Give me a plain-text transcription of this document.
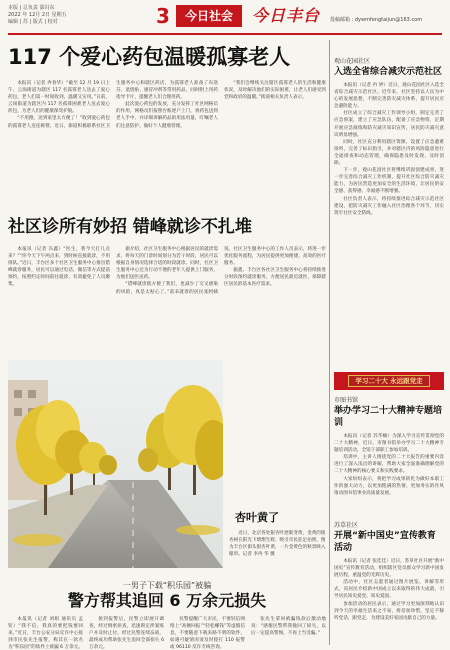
本版 | 总负责 邵冯东
2022 年 12月 2日 星期五
编辑 | 苏 | 版式 | 校对	3	今日社会	今日丰台 投稿邮箱 : dywmfengtaijun@163.com
117 个爱心药包温暖孤寡老人

本报讯（记者 冉春华）“截至 12 月 19 日上午，云岗街道为辖区 117 名孤寡老人送去了爱心药包，老人们第一时间收到，温暖又实用。”日前，云岗街道为辖区内 117 名孤寡困难老人送去爱心药包，为老人们的健康保驾护航。

“不用跑，送到家里太方便了！”收到爱心药包的孤寡老人连连称赞。近日，街道积极联系社区卫生服务中心和辖区药店，为孤寡老人准备了布洛芬、退烧贴、感冒冲剂等常用药品，同时附上用药指导卡片，提醒老人们合理用药。

此次爱心药包的发放，充分发挥了社区网格员的作用。网格员们按照台账逐户上门，将药包送到老人手中，并详细讲解药品的用法用量，叮嘱老人们注意防护、做好个人健康管理。

“我们会继续关注辖区孤寡老人的生活和健康状况，及时解决他们的实际困难，让老人们感受到党和政府的温暖。”街道相关负责人表示。

社区诊所有妙招 错峰就诊不扎堆

本报讯（记者 冯鑫）“医生，我今天打几点来？”“你今天下午两点来，到时候直接就诊，不用排队。”近日，丰台区多个社区卫生服务中心推出错峰就诊服务，居民可以通过电话、微信等方式提前预约，按照约定时间前往就诊，有效避免了人员聚集。

据介绍，社区卫生服务中心根据居民的就诊需求，将每天的门诊时间划分为若干时段，居民可以根据自身情况选择合适的时段就诊。同时，社区卫生服务中心还为行动不便的老年人提供上门服务，为他们送医送药。

“错峰就诊既方便了我们，也减少了交叉感染的风险，真是太贴心了。”前来就诊的居民张阿姨说。社区卫生服务中心的工作人员表示，将进一步优化服务流程，为居民提供更加便捷、高效的医疗服务。

据悉，丰台区各社区卫生服务中心将持续推进分时段预约就诊服务，方便居民就近就医，保障辖区居民的基本医疗需求。

杏叶黄了
近日，北京各处银杏叶逐渐变黄，金黄的银杏树在阳光下熠熠生辉，吸引市民驻足拍照。图为丰台区街头银杏叶黄，一片金黄色的秋景映入眼帘。记者 李冉 华 摄
一男子下载“积乐园”被骗
警方帮其追回 6 万余元损失

本报讯（记者 刘娟 通讯员 孟钊）“我不信，我真的要把钱要回来。”近日，丰台公安分局反诈中心接到市民张先生报警，称其在一款名为“积乐园”的软件上被骗 6 万余元。

接到报警后，民警立即展开调查，经过缜密侦查，迅速锁定涉案账户并及时止付。经过民警连续奋战，最终成功帮助张先生追回全部损失 6 万余元。

民警提醒广大市民，不要轻信网络上“高额回报”“轻松赚钱”等虚假信息，不要随意下载来路不明的软件，如遇可疑情况请及时拨打 110 报警或 96110 反诈专线咨询。

张先生拿回被骗钱款后激动地说：“感谢民警帮我挽回了损失，以后一定提高警惕，不再上当受骗。”

观山花园社区
入选全省综合减灾示范社区

本报讯（记者 冉 婷）近日，观山花园社区入选全省综合减灾示范社区。近年来，社区坚持以人民为中心的发展思想，不断完善防灾减灾体系，提升居民应急避险能力。

社区成立了综合减灾工作领导小组，制定完善了应急预案，建立了应急队伍，配备了应急物资，定期开展应急演练和防灾减灾知识宣传，居民防灾减灾意识明显增强。

同时，社区充分利用辖区资源，设置了应急避难场所，完善了标识指引，并对辖区内的风险隐患进行全面排查和动态管理，确保隐患及时发现、及时消除。

下一步，观山花园社区将继续巩固创建成果，进一步完善综合减灾工作机制，提升社区综合防灾减灾能力，为居民营造更加安全的生活环境，让居民的安全感、获得感、幸福感不断增强。

社区负责人表示，将持续推进综合减灾示范社区建设，把防灾减灾工作融入社区治理各个环节，切实筑牢社区安全防线。

学习二十大 永远跟党走
市图书馆
举办学习二十大精神专题培训

本报讯（记者 苏华楠）为深入学习宣传贯彻党的二十大精神，近日，市图书馆举办学习二十大精神专题培训活动，全馆干部职工参加培训。

培训中，主讲人围绕党的二十大报告的重要内容进行了深入浅出的讲解，帮助大家全面准确理解党的二十大精神的核心要义和实践要求。

大家纷纷表示，将把学习成果转化为做好本职工作的强大动力，以更加饱满的热情、更加务实的作风推动图书馆事业高质量发展。

苏草社区
开展“新中国史”宣传教育活动

本报讯（记者 张佳佳）近日，苏草社区开展“新中国史”宣传教育活动，组织辖区党员群众学习新中国发展历程，重温党的光辉历史。

活动中，社区志愿者通过图片展览、讲解等形式，向居民介绍新中国成立以来取得的伟大成就，引导居民知史爱党、知史爱国。

参加活动的居民表示，通过学习更加深刻地认识到今天的幸福生活来之不易，将倍加珍惜，坚定不移听党话、跟党走，为建设美好家园贡献自己的力量。
